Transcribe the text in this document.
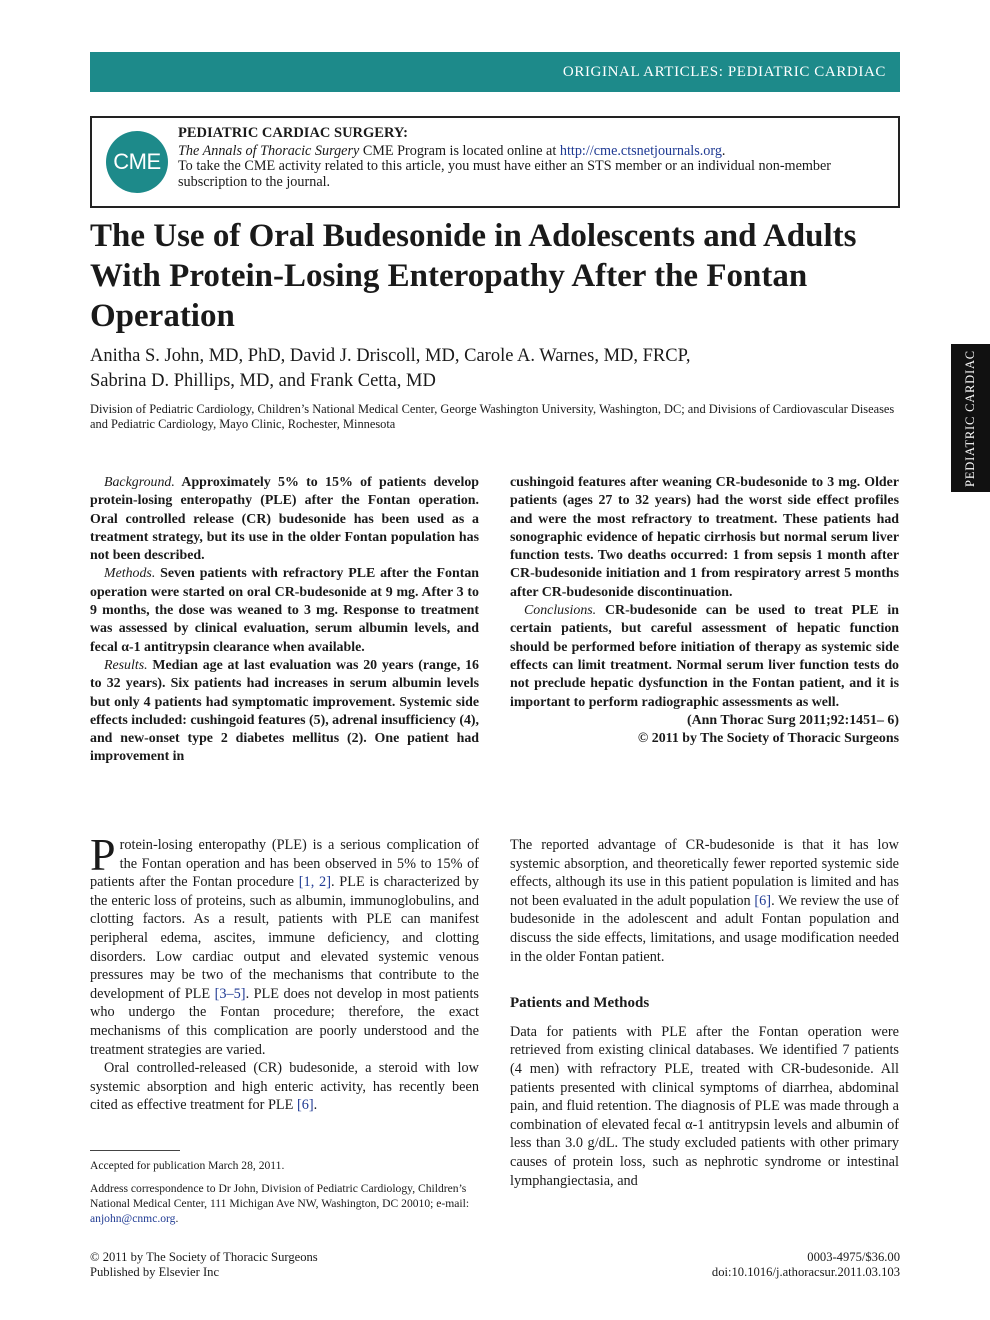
ORIGINAL ARTICLES: PEDIATRIC CARDIAC
CME
PEDIATRIC CARDIAC SURGERY:
The Annals of Thoracic Surgery CME Program is located online at http://cme.ctsnetjournals.org.
To take the CME activity related to this article, you must have either an STS member or an individual non-member subscription to the journal.
The Use of Oral Budesonide in Adolescents and Adults With Protein-Losing Enteropathy After the Fontan Operation
Anitha S. John, MD, PhD, David J. Driscoll, MD, Carole A. Warnes, MD, FRCP,
Sabrina D. Phillips, MD, and Frank Cetta, MD
Division of Pediatric Cardiology, Children’s National Medical Center, George Washington University, Washington, DC; and Divisions of Cardiovascular Diseases and Pediatric Cardiology, Mayo Clinic, Rochester, Minnesota	PEDIATRIC CARDIAC

Background. Approximately 5% to 15% of patients develop protein-losing enteropathy (PLE) after the Fontan operation. Oral controlled release (CR) budesonide has been used as a treatment strategy, but its use in the older Fontan population has not been described.

Methods. Seven patients with refractory PLE after the Fontan operation were started on oral CR-budesonide at 9 mg. After 3 to 9 months, the dose was weaned to 3 mg. Response to treatment was assessed by clinical evaluation, serum albumin levels, and fecal α-1 antitrypsin clearance when available.

Results. Median age at last evaluation was 20 years (range, 16 to 32 years). Six patients had increases in serum albumin levels but only 4 patients had symptomatic improvement. Systemic side effects included: cushingoid features (5), adrenal insufficiency (4), and new-onset type 2 diabetes mellitus (2). One patient had improvement in

cushingoid features after weaning CR-budesonide to 3 mg. Older patients (ages 27 to 32 years) had the worst side effect profiles and were the most refractory to treatment. These patients had sonographic evidence of hepatic cirrhosis but normal serum liver function tests. Two deaths occurred: 1 from sepsis 1 month after CR-budesonide initiation and 1 from respiratory arrest 5 months after CR-budesonide discontinuation.

Conclusions. CR-budesonide can be used to treat PLE in certain patients, but careful assessment of hepatic function should be performed before initiation of therapy as systemic side effects can limit treatment. Normal serum liver function tests do not preclude hepatic dysfunction in the Fontan patient, and it is important to perform radiographic assessments as well.

(Ann Thorac Surg 2011;92:1451– 6)
© 2011 by The Society of Thoracic Surgeons

Protein-losing enteropathy (PLE) is a serious complication of the Fontan operation and has been observed in 5% to 15% of patients after the Fontan procedure [1, 2]. PLE is characterized by the enteric loss of proteins, such as albumin, immunoglobulins, and clotting factors. As a result, patients with PLE can manifest peripheral edema, ascites, immune deficiency, and clotting disorders. Low cardiac output and elevated systemic venous pressures may be two of the mechanisms that contribute to the development of PLE [3–5]. PLE does not develop in most patients who undergo the Fontan procedure; therefore, the exact mechanisms of this complication are poorly understood and the treatment strategies are varied.

Oral controlled-released (CR) budesonide, a steroid with low systemic absorption and high enteric activity, has recently been cited as effective treatment for PLE [6].

The reported advantage of CR-budesonide is that it has low systemic absorption, and theoretically fewer reported systemic side effects, although its use in this patient population is limited and has not been evaluated in the adult population [6]. We review the use of budesonide in the adolescent and adult Fontan population and discuss the side effects, limitations, and usage modification needed in the older Fontan patient.

Patients and Methods

Data for patients with PLE after the Fontan operation were retrieved from existing clinical databases. We identified 7 patients (4 men) with refractory PLE, treated with CR-budesonide. All patients presented with clinical symptoms of diarrhea, abdominal pain, and fluid retention. The diagnosis of PLE was made through a combination of elevated fecal α-1 antitrypsin levels and albumin of less than 3.0 g/dL. The study excluded patients with other primary causes of protein loss, such as nephrotic syndrome or intestinal lymphangiectasia, and

Accepted for publication March 28, 2011.

Address correspondence to Dr John, Division of Pediatric Cardiology, Children’s National Medical Center, 111 Michigan Ave NW, Washington, DC 20010; e-mail: anjohn@cnmc.org.

© 2011 by The Society of Thoracic Surgeons
Published by Elsevier Inc
0003-4975/$36.00
doi:10.1016/j.athoracsur.2011.03.103
